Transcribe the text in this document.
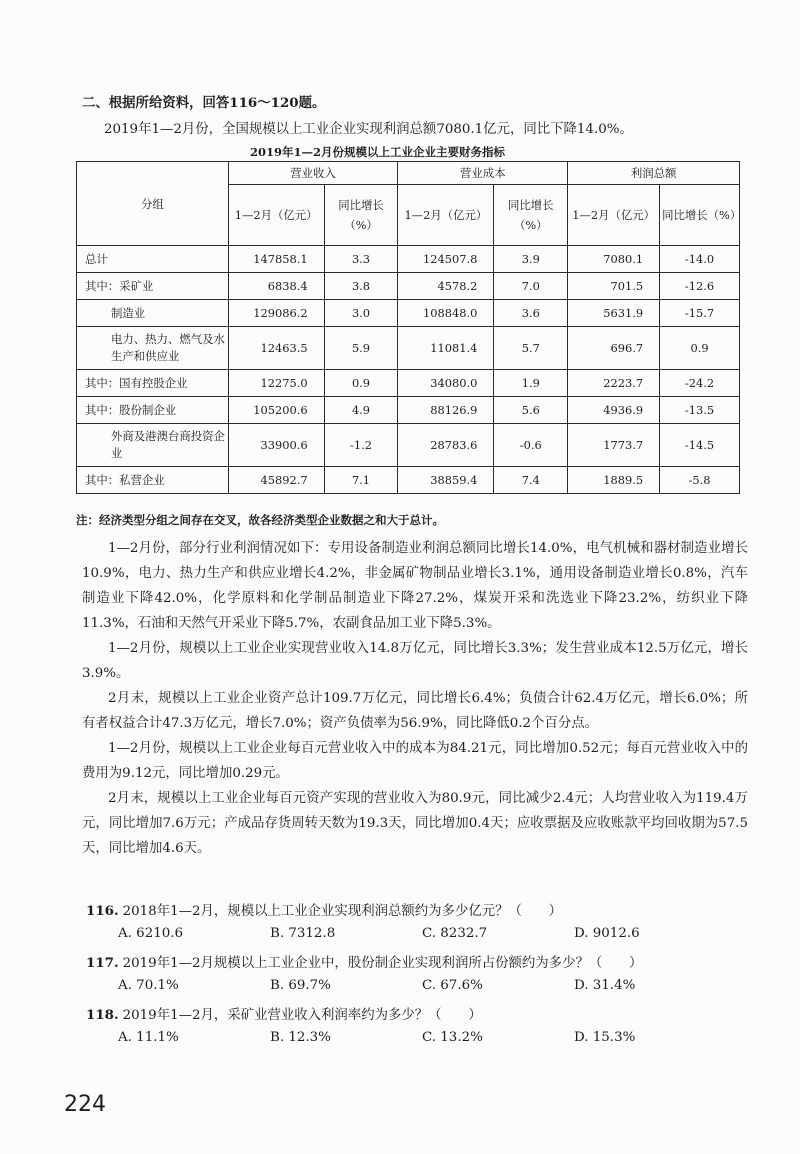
二、根据所给资料，回答116～120题。
2019年1—2月份，全国规模以上工业企业实现利润总额7080.1亿元，同比下降14.0%。
2019年1—2月份规模以上工业企业主要财务指标
分组	营业收入		营业成本		利润总额	
	1—2月（亿元）	同比增长（%）	1—2月（亿元）	同比增长（%）	1—2月（亿元）	同比增长（%）
总计	147858.1	3.3	124507.8	3.9	7080.1	-14.0
其中：采矿业	6838.4	3.8	4578.2	7.0	701.5	-12.6
制造业	129086.2	3.0	108848.0	3.6	5631.9	-15.7
电力、热力、燃气及水生产和供应业	12463.5	5.9	11081.4	5.7	696.7	0.9
其中：国有控股企业	12275.0	0.9	34080.0	1.9	2223.7	-24.2
其中：股份制企业	105200.6	4.9	88126.9	5.6	4936.9	-13.5
外商及港澳台商投资企业	33900.6	-1.2	28783.6	-0.6	1773.7	-14.5
其中：私营企业	45892.7	7.1	38859.4	7.4	1889.5	-5.8
注：经济类型分组之间存在交叉，故各经济类型企业数据之和大于总计。

1—2月份，部分行业利润情况如下：专用设备制造业利润总额同比增长14.0%，电气机械和器材制造业增长10.9%，电力、热力生产和供应业增长4.2%，非金属矿物制品业增长3.1%，通用设备制造业增长0.8%，汽车制造业下降42.0%，化学原料和化学制品制造业下降27.2%，煤炭开采和洗选业下降23.2%，纺织业下降11.3%，石油和天然气开采业下降5.7%，农副食品加工业下降5.3%。

1—2月份，规模以上工业企业实现营业收入14.8万亿元，同比增长3.3%；发生营业成本12.5万亿元，增长3.9%。

2月末，规模以上工业企业资产总计109.7万亿元，同比增长6.4%；负债合计62.4万亿元，增长6.0%；所有者权益合计47.3万亿元，增长7.0%；资产负债率为56.9%，同比降低0.2个百分点。

1—2月份，规模以上工业企业每百元营业收入中的成本为84.21元，同比增加0.52元；每百元营业收入中的费用为9.12元，同比增加0.29元。

2月末，规模以上工业企业每百元资产实现的营业收入为80.9元，同比减少2.4元；人均营业收入为119.4万元，同比增加7.6万元；产成品存货周转天数为19.3天，同比增加0.4天；应收票据及应收账款平均回收期为57.5天，同比增加4.6天。

116. 2018年1—2月，规模以上工业企业实现利润总额约为多少亿元？（　　）
A. 6210.6	B. 7312.8	C. 8232.7	D. 9012.6
117. 2019年1—2月规模以上工业企业中，股份制企业实现利润所占份额约为多少？（　　）
A. 70.1%	B. 69.7%	C. 67.6%	D. 31.4%
118. 2019年1—2月，采矿业营业收入利润率约为多少？（　　）
A. 11.1%	B. 12.3%	C. 13.2%	D. 15.3%
224
